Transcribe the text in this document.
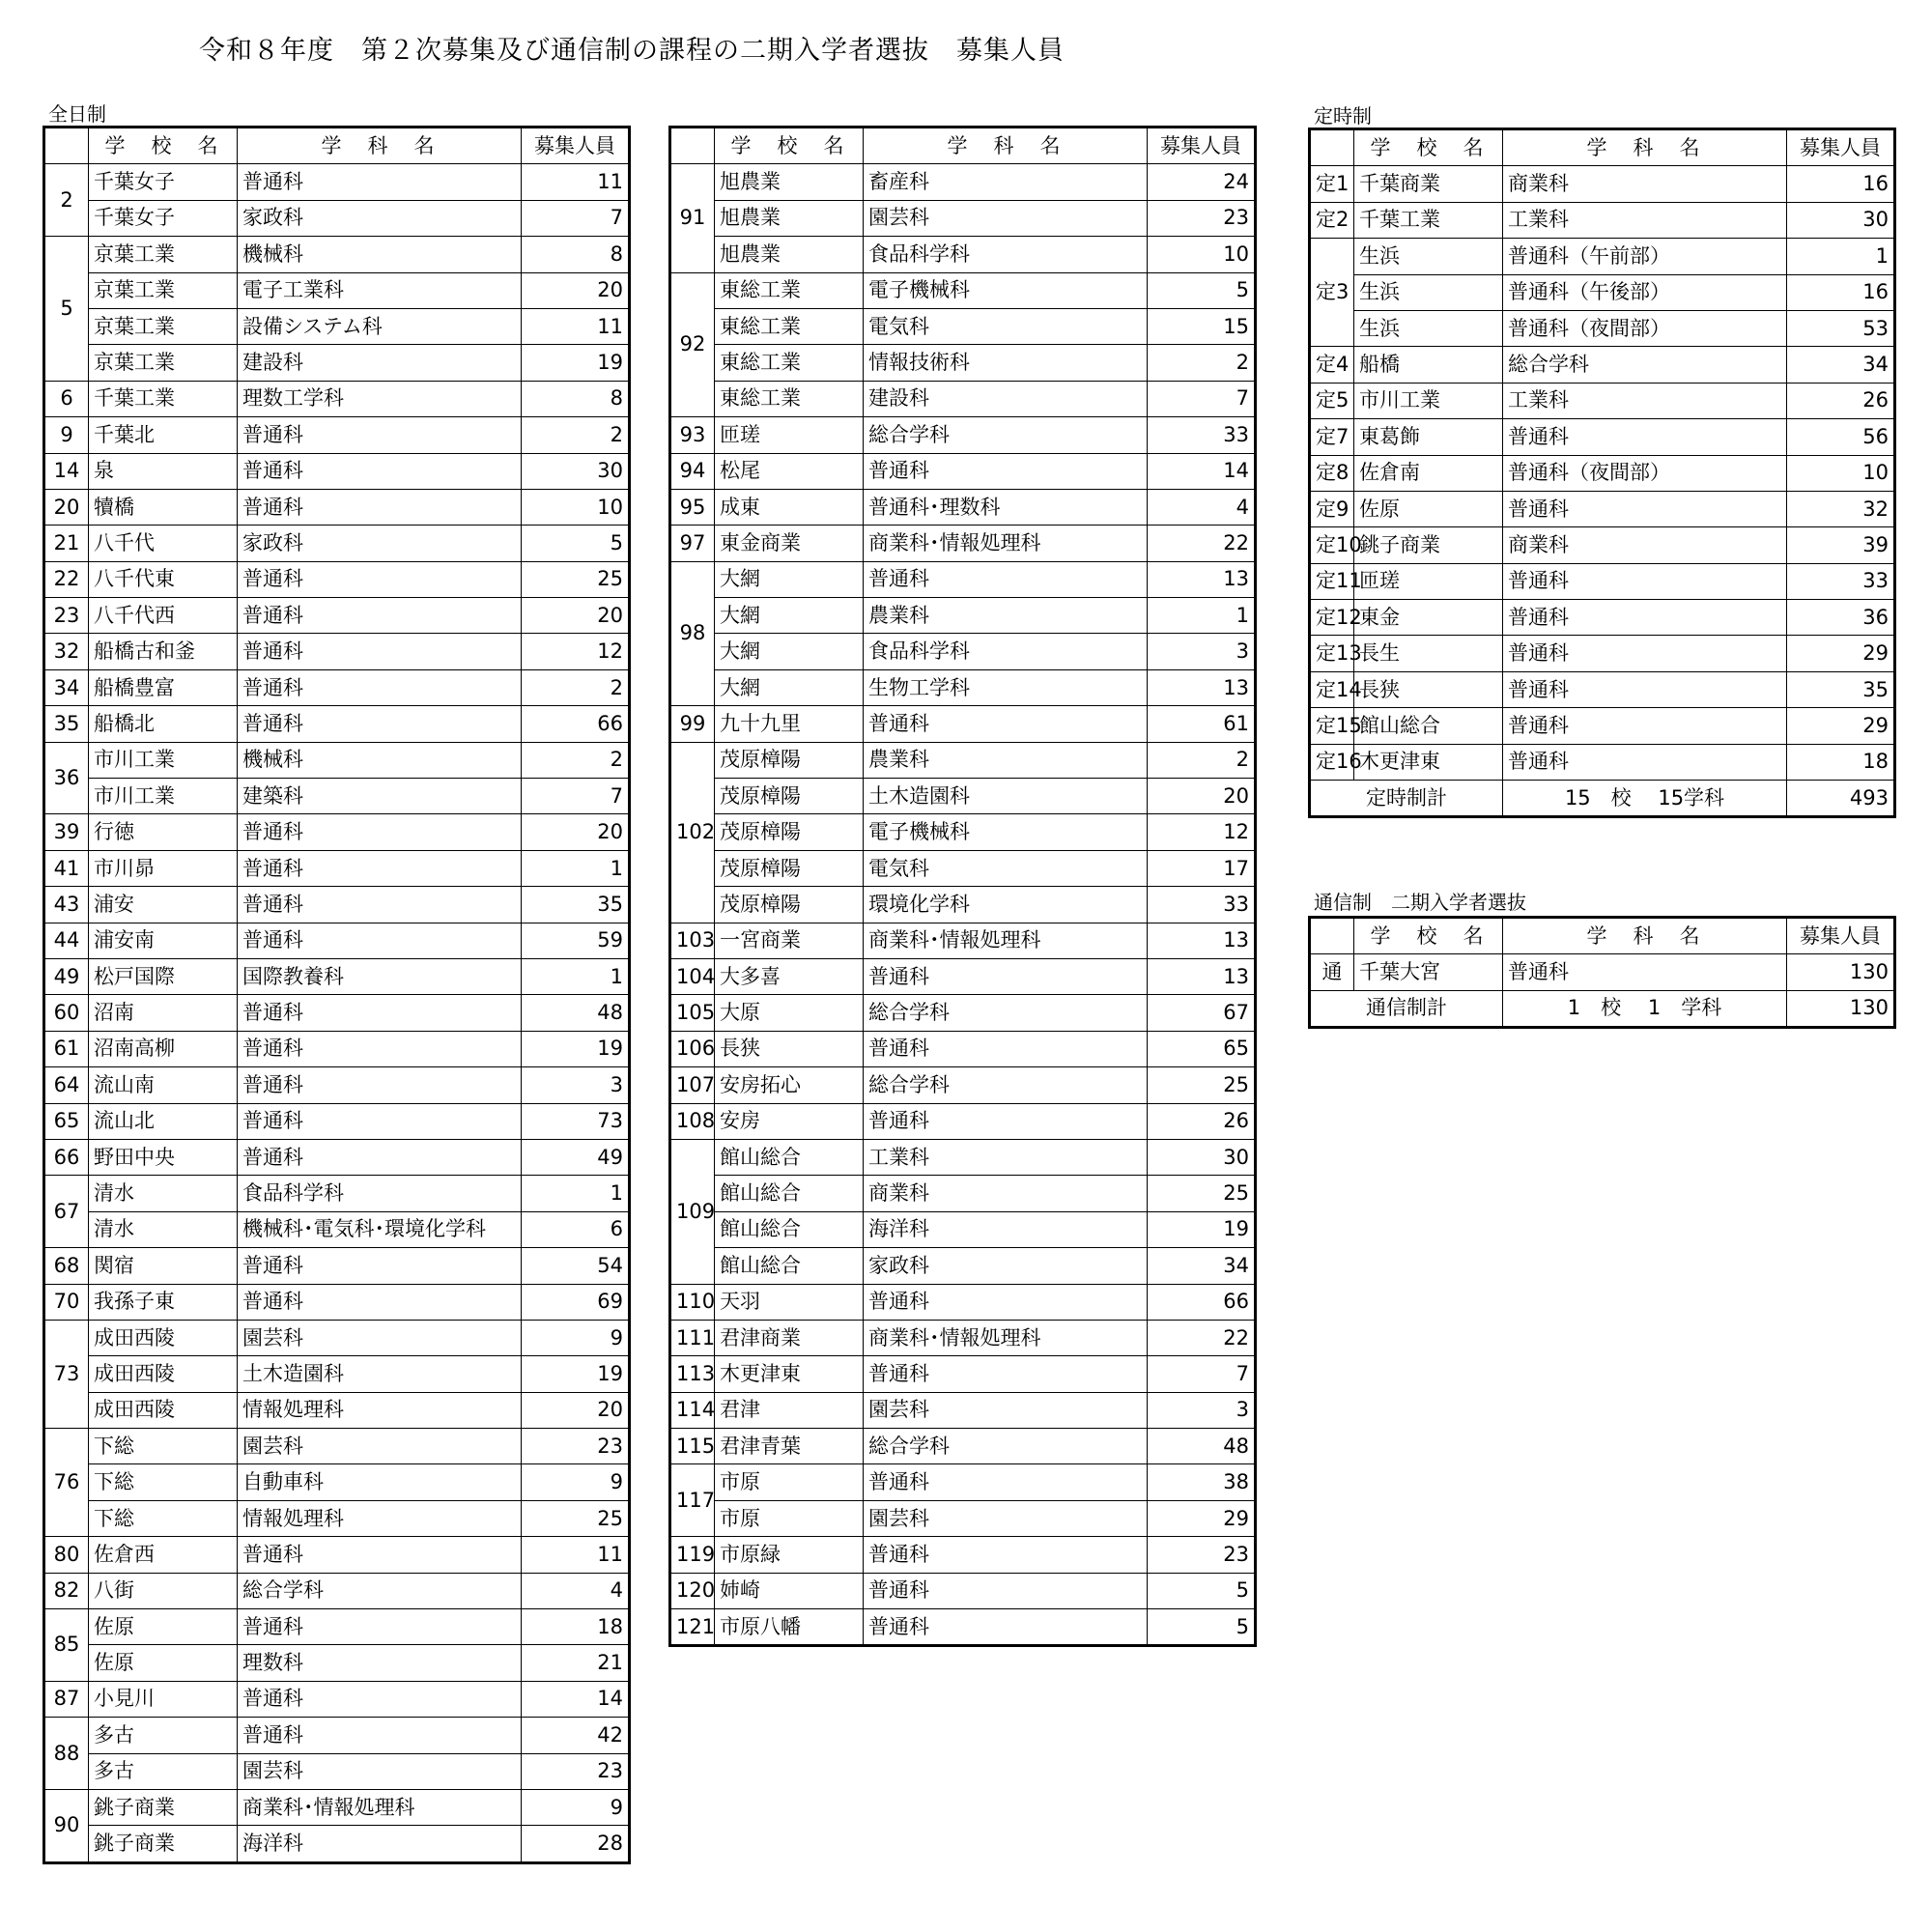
令和８年度　第２次募集及び通信制の課程の二期入学者選抜　募集人員
全日制	定時制
通信制　二期入学者選抜
	学　校　名	学　科　名	募集人員
2	千葉女子	普通科	11
	千葉女子	家政科	7
5	京葉工業	機械科	8
	京葉工業	電子工業科	20
	京葉工業	設備システム科	11
	京葉工業	建設科	19
6	千葉工業	理数工学科	8
9	千葉北	普通科	2
14	泉	普通科	30
20	犢橋	普通科	10
21	八千代	家政科	5
22	八千代東	普通科	25
23	八千代西	普通科	20
32	船橋古和釜	普通科	12
34	船橋豊富	普通科	2
35	船橋北	普通科	66
36	市川工業	機械科	2
	市川工業	建築科	7
39	行徳	普通科	20
41	市川昴	普通科	1
43	浦安	普通科	35
44	浦安南	普通科	59
49	松戸国際	国際教養科	1
60	沼南	普通科	48
61	沼南高柳	普通科	19
64	流山南	普通科	3
65	流山北	普通科	73
66	野田中央	普通科	49
67	清水	食品科学科	1
	清水	機械科･電気科･環境化学科	6
68	関宿	普通科	54
70	我孫子東	普通科	69
73	成田西陵	園芸科	9
	成田西陵	土木造園科	19
	成田西陵	情報処理科	20
76	下総	園芸科	23
	下総	自動車科	9
	下総	情報処理科	25
80	佐倉西	普通科	11
82	八街	総合学科	4
85	佐原	普通科	18
	佐原	理数科	21
87	小見川	普通科	14
88	多古	普通科	42
	多古	園芸科	23
90	銚子商業	商業科･情報処理科	9
	銚子商業	海洋科	28
	学　校　名	学　科　名	募集人員
91	旭農業	畜産科	24
	旭農業	園芸科	23
	旭農業	食品科学科	10
92	東総工業	電子機械科	5
	東総工業	電気科	15
	東総工業	情報技術科	2
	東総工業	建設科	7
93	匝瑳	総合学科	33
94	松尾	普通科	14
95	成東	普通科･理数科	4
97	東金商業	商業科･情報処理科	22
98	大網	普通科	13
	大網	農業科	1
	大網	食品科学科	3
	大網	生物工学科	13
99	九十九里	普通科	61
102	茂原樟陽	農業科	2
	茂原樟陽	土木造園科	20
	茂原樟陽	電子機械科	12
	茂原樟陽	電気科	17
	茂原樟陽	環境化学科	33
103	一宮商業	商業科･情報処理科	13
104	大多喜	普通科	13
105	大原	総合学科	67
106	長狭	普通科	65
107	安房拓心	総合学科	25
108	安房	普通科	26
109	館山総合	工業科	30
	館山総合	商業科	25
	館山総合	海洋科	19
	館山総合	家政科	34
110	天羽	普通科	66
111	君津商業	商業科･情報処理科	22
113	木更津東	普通科	7
114	君津	園芸科	3
115	君津青葉	総合学科	48
117	市原	普通科	38
	市原	園芸科	29
119	市原緑	普通科	23
120	姉崎	普通科	5
121	市原八幡	普通科	5
	学　校　名	学　科　名	募集人員
定1	千葉商業	商業科	16
定2	千葉工業	工業科	30
定3	生浜	普通科（午前部）	1
	生浜	普通科（午後部）	16
	生浜	普通科（夜間部）	53
定4	船橋	総合学科	34
定5	市川工業	工業科	26
定7	東葛飾	普通科	56
定8	佐倉南	普通科（夜間部）	10
定9	佐原	普通科	32
定10	銚子商業	商業科	39
定11	匝瑳	普通科	33
定12	東金	普通科	36
定13	長生	普通科	29
定14	長狭	普通科	35
定15	館山総合	普通科	29
定16	木更津東	普通科	18
定時制計		15　校　 15学科	493
	学　校　名	学　科　名	募集人員
通	千葉大宮	普通科	130
通信制計		1　校　 1　学科	130
